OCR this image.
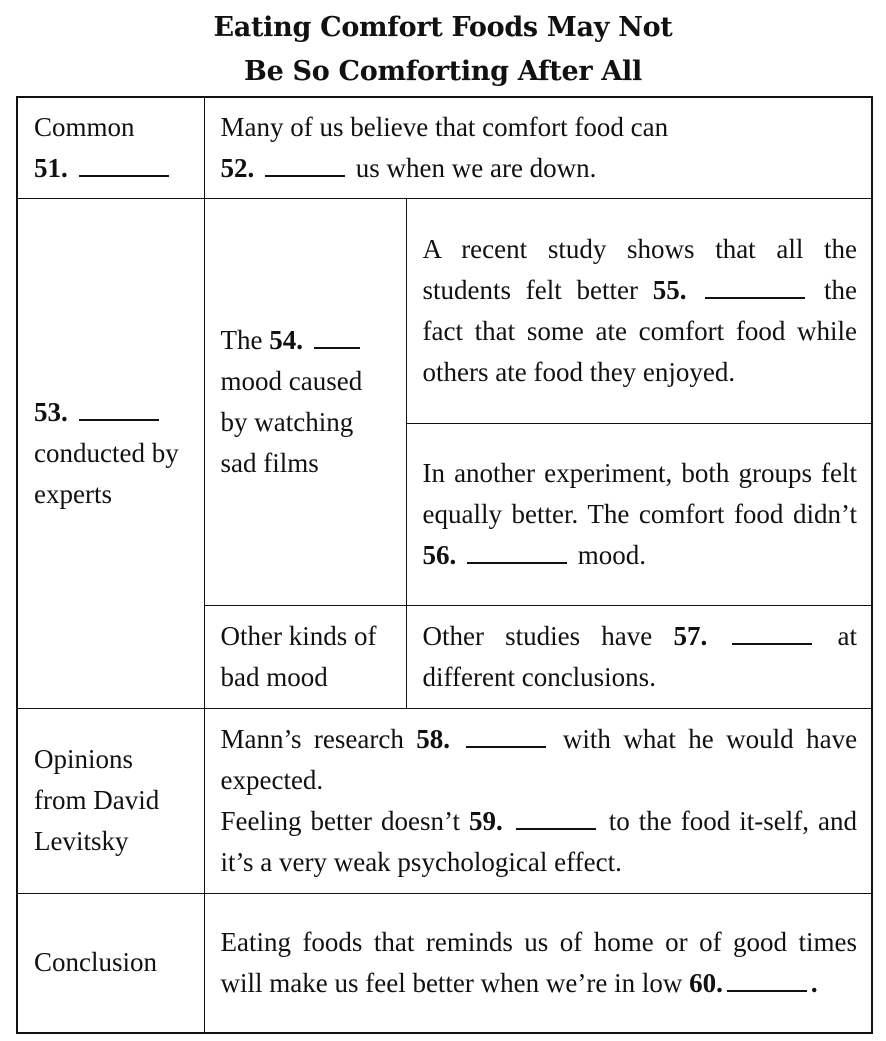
Eating Comfort Foods May Not
Be So Comforting After All
Common
51.	Many of us believe that comfort food can
52. us when we are down.	
53.
conducted by experts	The 54.  mood caused by watching sad films	A recent study shows that all the students felt better 55. the fact that some ate comfort food while others ate food they enjoyed.
		In another experiment, both groups felt equally better. The comfort food didn’t 56. mood.
	Other kinds of bad mood	Other studies have 57. at different conclusions.
Opinions from David Levitsky	Mann’s research 58. with what he would have expected.
Feeling better doesn’t 59. to the food it-self, and it’s a very weak psychological effect.	
Conclusion	Eating foods that reminds us of home or of good times will make us feel better when we’re in low 60. .	
